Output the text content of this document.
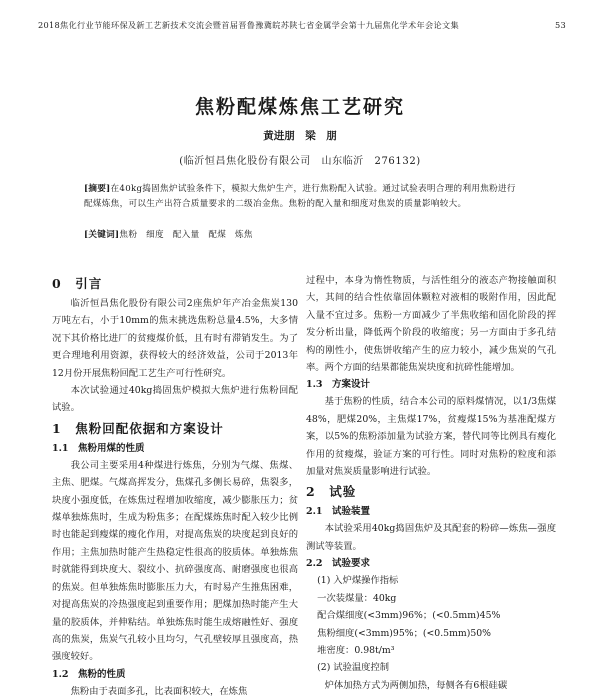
2018焦化行业节能环保及新工艺新技术交流会暨首届晋鲁豫冀皖苏陕七省金属学会第十九届焦化学术年会论文集	53
焦粉配煤炼焦工艺研究
黄进朋　梁　朋
(临沂恒昌焦化股份有限公司　山东临沂　276132)

[摘要]在40kg捣固焦炉试验条件下，模拟大焦炉生产，进行焦粉配入试验。通过试验表明合理的利用焦粉进行配煤炼焦，可以生产出符合质量要求的二级冶金焦。焦粉的配入量和细度对焦炭的质量影响较大。

[关键词]焦粉　细度　配入量　配煤　炼焦

0　引言

临沂恒昌焦化股份有限公司2座焦炉年产冶金焦炭130万吨左右，小于10mm的焦末挑选焦粉总量4.5%，大多情况下其价格比进厂的贫瘦煤价低，且有时有滞销发生。为了更合理地利用资源，获得较大的经济效益，公司于2013年12月份开展焦粉回配工艺生产可行性研究。

本次试验通过40kg捣固焦炉模拟大焦炉进行焦粉回配试验。

1　焦粉回配依据和方案设计
1.1　焦粉用煤的性质

我公司主要采用4种煤进行炼焦，分别为气煤、焦煤、主焦、肥煤。气煤高挥发分，焦煤孔多侧长易碎，焦裂多，块度小强度低，在炼焦过程增加收缩度，减少膨胀压力；贫煤单独炼焦时，生成为粉焦多；在配煤炼焦时配入较少比例时也能起到瘦煤的瘦化作用，对提高焦炭的块度起到良好的作用；主焦加热时能产生热稳定性很高的胶质体。单独炼焦时就能得到块度大、裂纹小、抗碎强度高、耐磨强度也很高的焦炭。但单独炼焦时膨胀压力大，有时易产生推焦困难，对提高焦炭的冷热强度起到重要作用；肥煤加热时能产生大量的胶质体，并伸粘结。单独炼焦时能生成熔融性好、强度高的焦炭，焦炭气孔较小且均匀，气孔壁较厚且强度高，热强度较好。

1.2　焦粉的性质

焦粉由于表面多孔，比表面积较大，在炼焦

过程中，本身为惰性物质，与活性组分的液态产物接触面积大，其间的结合性依靠固体颗粒对液相的吸附作用，因此配入量不宜过多。焦粉一方面减少了半焦收缩和固化阶段的挥发分析出量，降低两个阶段的收缩度；另一方面由于多孔结构的刚性小，使焦饼收缩产生的应力较小，减少焦炭的气孔率。两个方面的结果都能焦炭块度和抗碎性能增加。

1.3　方案设计

基于焦粉的性质，结合本公司的原料煤情况，以1/3焦煤48%，肥煤20%，主焦煤17%，贫瘦煤15%为基准配煤方案，以5%的焦粉添加量为试验方案，替代同等比例具有瘦化作用的贫瘦煤，验证方案的可行性。同时对焦粉的粒度和添加量对焦炭质量影响进行试验。

2　试验
2.1　试验装置

本试验采用40kg捣固焦炉及其配套的粉碎—炼焦—强度测试等装置。

2.2　试验要求

(1) 入炉煤操作指标

一次装煤量：40kg

配合煤细度(<3mm)96%；(<0.5mm)45%

焦粉细度(<3mm)95%；(<0.5mm)50%

堆密度：0.98t/m³

(2) 试验温度控制

炉体加热方式为两侧加热，每侧各有6根硅碳
